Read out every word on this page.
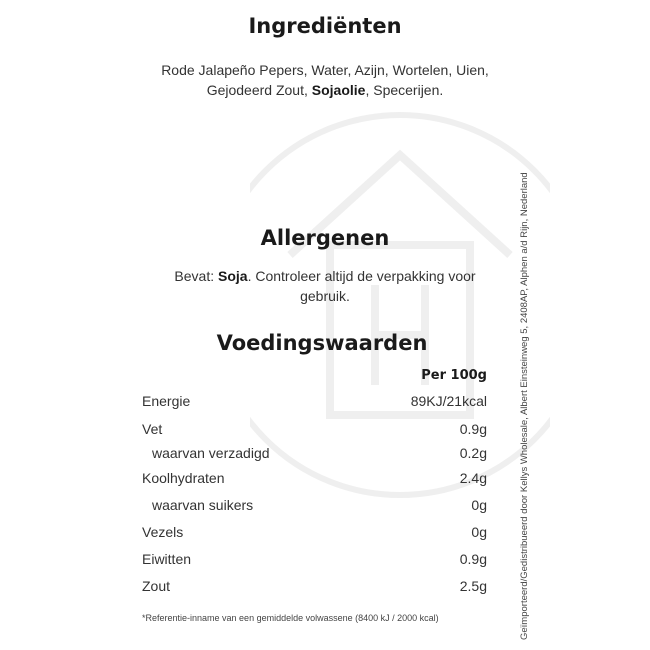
Ingrediënten

Rode Jalapeño Pepers, Water, Azijn, Wortelen, Uien,
Gejodeerd Zout, Sojaolie, Specerijen.

Allergenen

Bevat: Soja. Controleer altijd de verpakking voor
gebruik.

Voedingswaarden
Per 100g
Energie	89KJ/21kcal
Vet	0.9g
waarvan verzadigd	0.2g
Koolhydraten	2.4g
waarvan suikers	0g
Vezels	0g
Eiwitten	0.9g
Zout	2.5g
*Referentie-inname van een gemiddelde volwassene (8400 kJ / 2000 kcal)	Geïmporteerd/Gedistribueerd door Kellys Wholesale, Albert Einsteinweg 5, 2408AP, Alphen a/d Rijn, Nederland
